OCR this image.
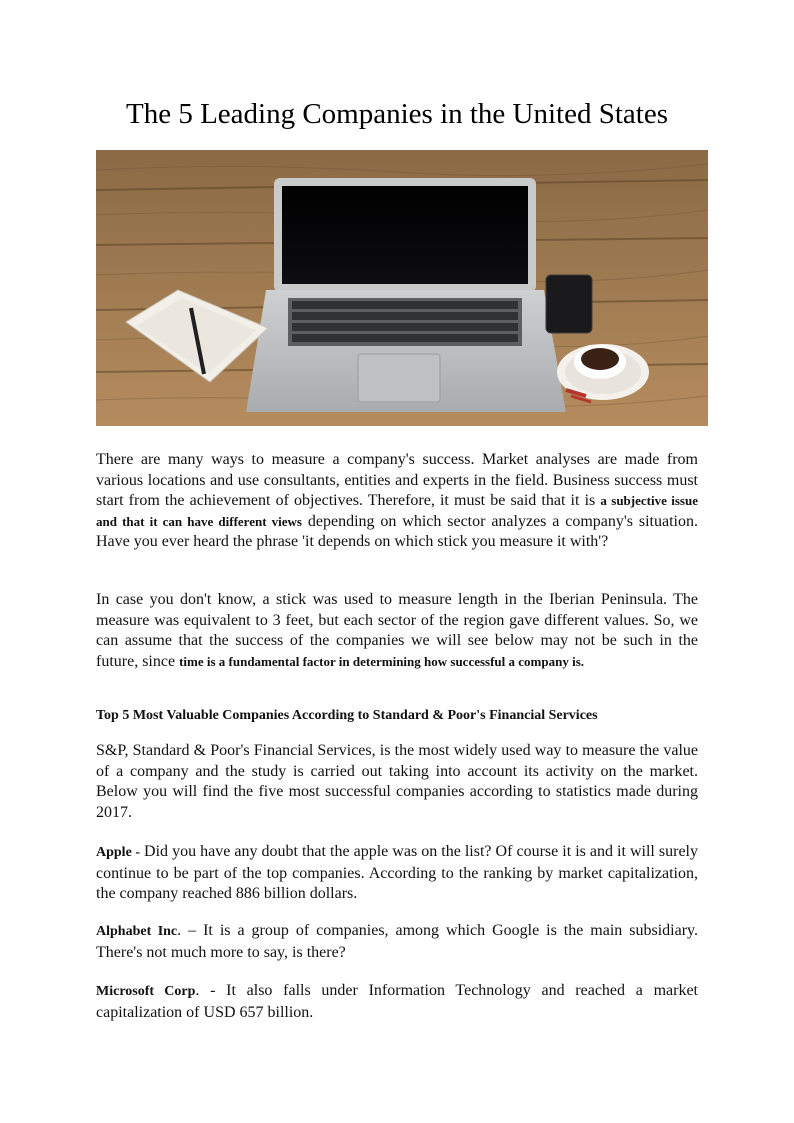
The 5 Leading Companies in the United States

There are many ways to measure a company's success. Market analyses are made from various locations and use consultants, entities and experts in the field. Business success must start from the achievement of objectives. Therefore, it must be said that it is a subjective issue and that it can have different views depending on which sector analyzes a company's situation. Have you ever heard the phrase 'it depends on which stick you measure it with'?

In case you don't know, a stick was used to measure length in the Iberian Peninsula. The measure was equivalent to 3 feet, but each sector of the region gave different values. So, we can assume that the success of the companies we will see below may not be such in the future, since time is a fundamental factor in determining how successful a company is.

Top 5 Most Valuable Companies According to Standard & Poor's Financial Services

S&P, Standard & Poor's Financial Services, is the most widely used way to measure the value of a company and the study is carried out taking into account its activity on the market. Below you will find the five most successful companies according to statistics made during 2017.

Apple - Did you have any doubt that the apple was on the list? Of course it is and it will surely continue to be part of the top companies. According to the ranking by market capitalization, the company reached 886 billion dollars.

Alphabet Inc. – It is a group of companies, among which Google is the main subsidiary. There's not much more to say, is there?

Microsoft Corp. - It also falls under Information Technology and reached a market capitalization of USD 657 billion.
